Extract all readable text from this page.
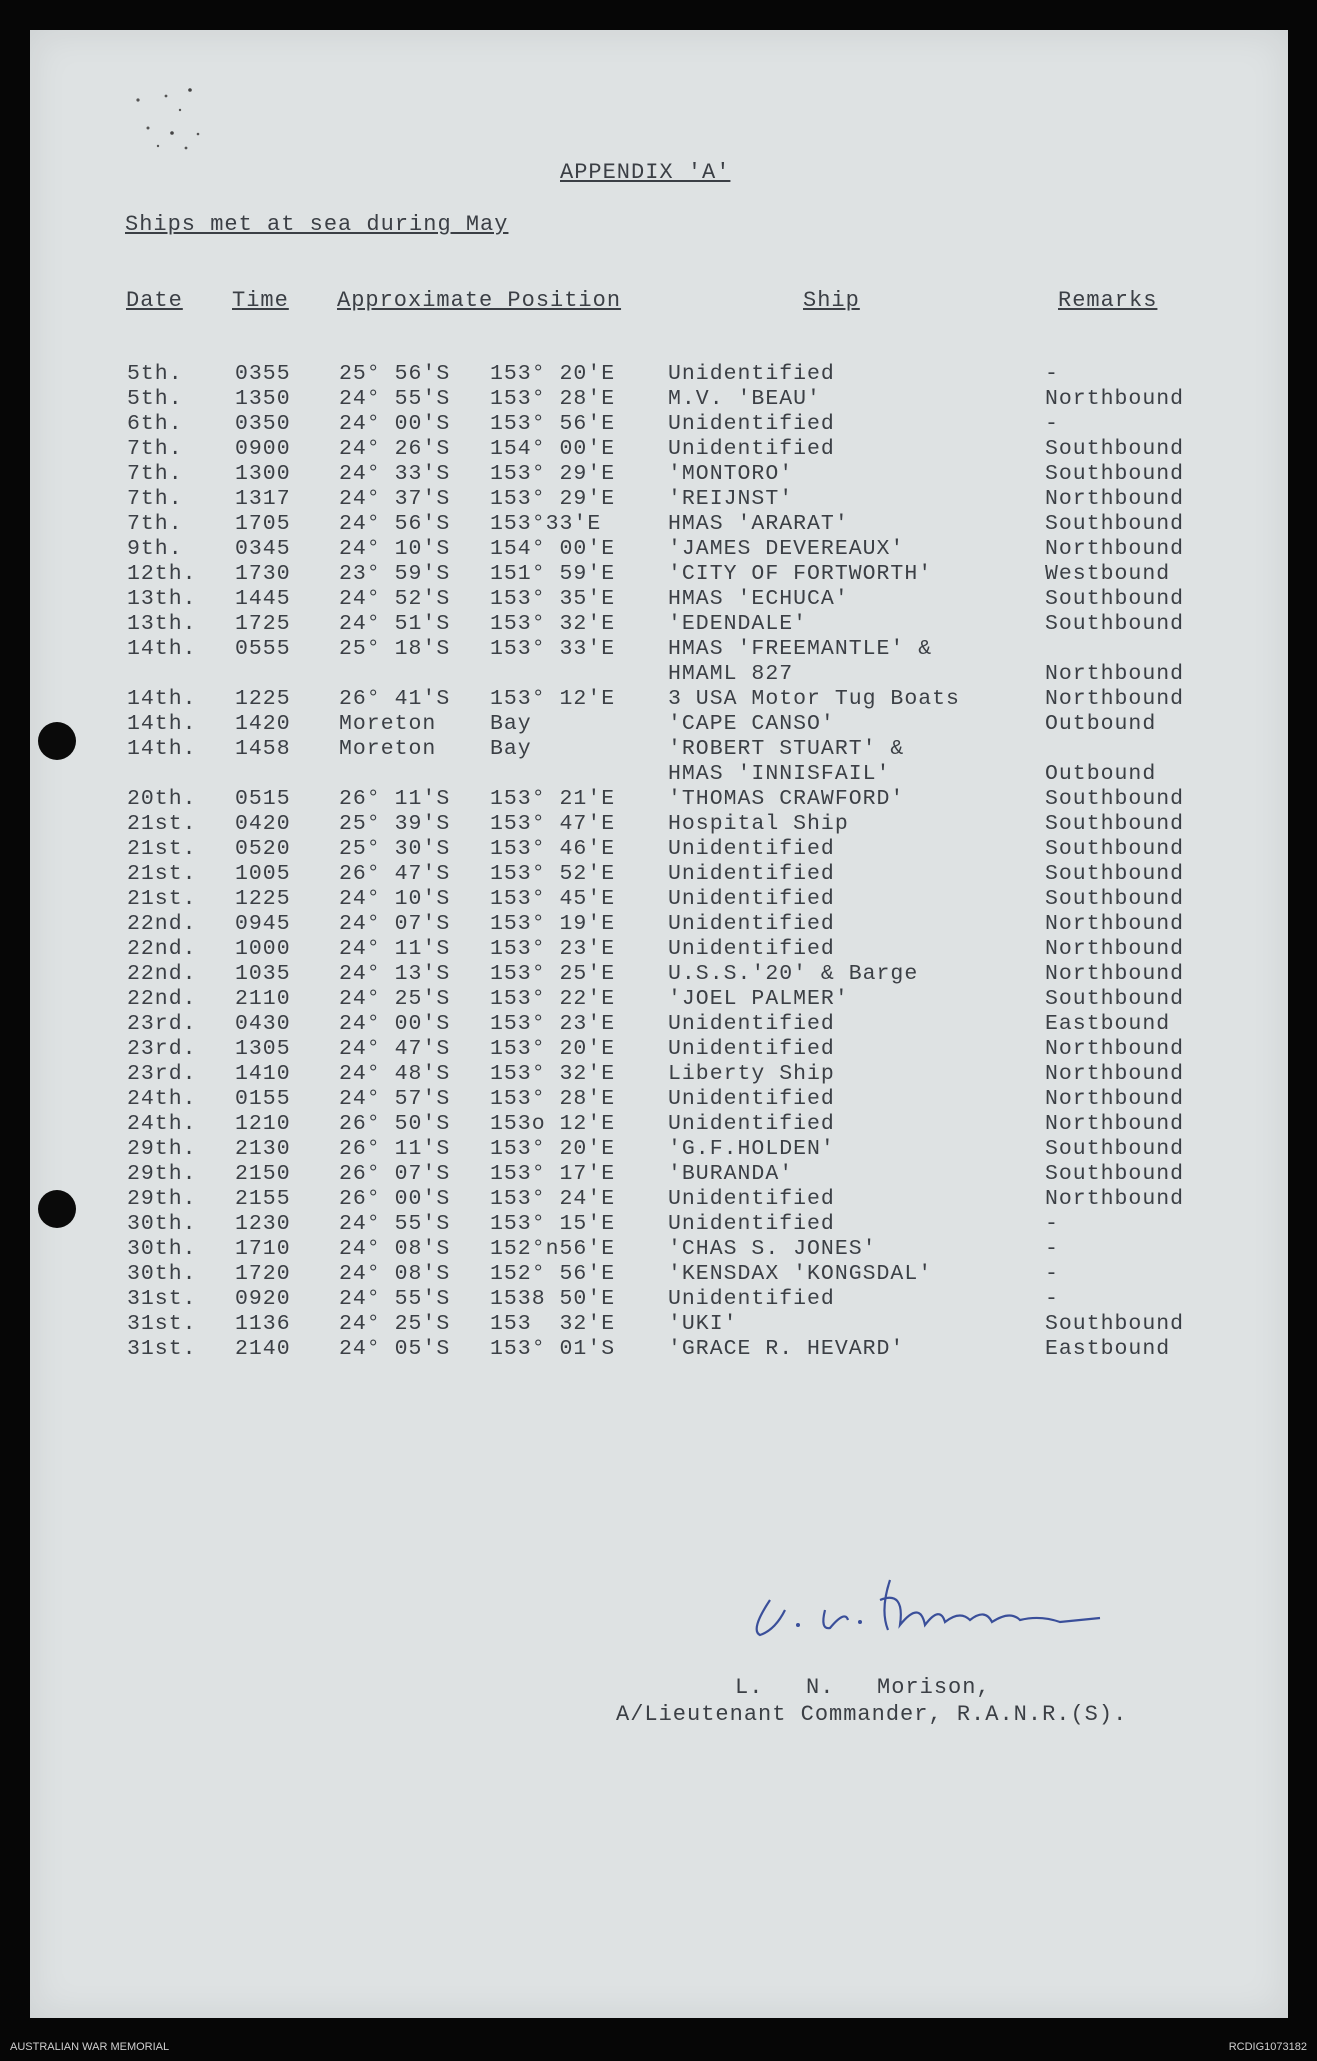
APPENDIX 'A'
Ships met at sea during May
Date Time Approximate Position	Ship	Remarks
5th. 0355 25° 56'S 153° 20'E Unidentified	-
5th. 1350 24° 55'S 153° 28'E M.V. 'BEAU'	Northbound
6th. 0350 24° 00'S 153° 56'E Unidentified	-
7th. 0900 24° 26'S 154° 00'E Unidentified	Southbound
7th. 1300 24° 33'S 153° 29'E 'MONTORO'	Southbound
7th. 1317 24° 37'S 153° 29'E 'REIJNST'	Northbound
7th. 1705 24° 56'S 153°33'E	HMAS 'ARARAT'	Southbound
9th. 0345 24° 10'S 154° 00'E 'JAMES DEVEREAUX'	Northbound
12th. 1730 23° 59'S 151° 59'E 'CITY OF FORTWORTH'	Westbound
13th. 1445 24° 52'S 153° 35'E HMAS 'ECHUCA'	Southbound
13th. 1725 24° 51'S 153° 32'E 'EDENDALE'	Southbound
14th. 0555 25° 18'S 153° 33'E HMAS 'FREEMANTLE' &
HMAML 827	Northbound
14th. 1225 26° 41'S 153° 12'E 3 USA Motor Tug Boats	Northbound
14th. 1420 Moreton Bay	'CAPE CANSO'	Outbound
14th. 1458 Moreton Bay	'ROBERT STUART' &
HMAS 'INNISFAIL'	Outbound
20th. 0515 26° 11'S 153° 21'E 'THOMAS CRAWFORD'	Southbound
21st. 0420 25° 39'S 153° 47'E Hospital Ship	Southbound
21st. 0520 25° 30'S 153° 46'E Unidentified	Southbound
21st. 1005 26° 47'S 153° 52'E Unidentified	Southbound
21st. 1225 24° 10'S 153° 45'E Unidentified	Southbound
22nd. 0945 24° 07'S 153° 19'E Unidentified	Northbound
22nd. 1000 24° 11'S 153° 23'E Unidentified	Northbound
22nd. 1035 24° 13'S 153° 25'E U.S.S.'20' & Barge	Northbound
22nd. 2110 24° 25'S 153° 22'E 'JOEL PALMER'	Southbound
23rd. 0430 24° 00'S 153° 23'E Unidentified	Eastbound
23rd. 1305 24° 47'S 153° 20'E Unidentified	Northbound
23rd. 1410 24° 48'S 153° 32'E Liberty Ship	Northbound
24th. 0155 24° 57'S 153° 28'E Unidentified	Northbound
24th. 1210 26° 50'S 153o 12'E Unidentified	Northbound
29th. 2130 26° 11'S 153° 20'E 'G.F.HOLDEN'	Southbound
29th. 2150 26° 07'S 153° 17'E 'BURANDA'	Southbound
29th. 2155 26° 00'S 153° 24'E Unidentified	Northbound
30th. 1230 24° 55'S 153° 15'E Unidentified	-
30th. 1710 24° 08'S 152°n56'E 'CHAS S. JONES'	-
30th. 1720 24° 08'S 152° 56'E 'KENSDAX 'KONGSDAL'	-
31st. 0920 24° 55'S 1538 50'E Unidentified	-
31st. 1136 24° 25'S 153  32'E 'UKI'	Southbound
31st. 2140 24° 05'S 153° 01'S 'GRACE R. HEVARD'	Eastbound
L.   N.   Morison,
A/Lieutenant Commander, R.A.N.R.(S).
AUSTRALIAN WAR MEMORIAL	RCDIG1073182
